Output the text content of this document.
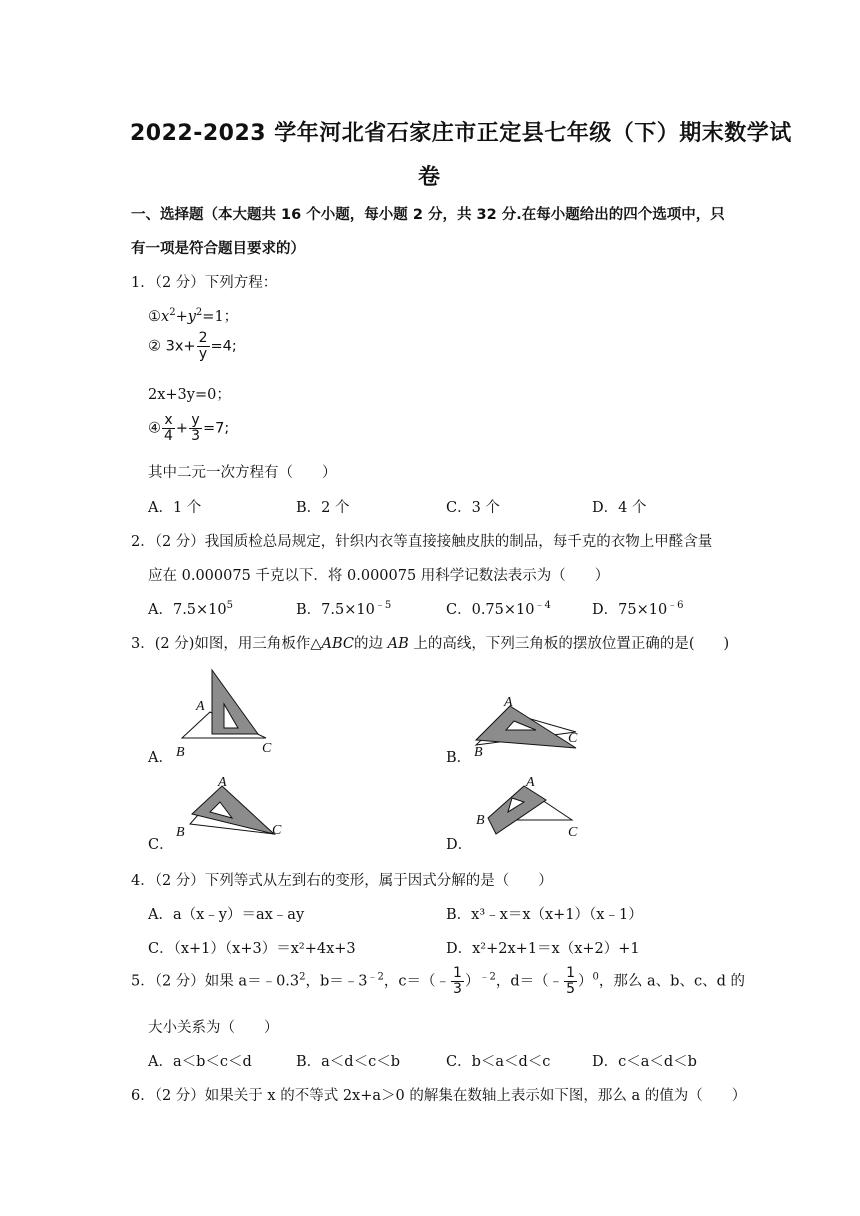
2022-2023 学年河北省石家庄市正定县七年级（下）期末数学试
卷
一、选择题（本大题共 16 个小题，每小题 2 分，共 32 分.在每小题给出的四个选项中，只
有一项是符合题目要求的）
1．（2 分）下列方程：
$①x^2+y^2=1$；
② $3x+ \frac{2}{y} =4$;
2x+3y=0；
④ $\frac{x}{4} + \frac{y}{3} =7$;
其中二元一次方程有（　　）
A．1 个	B．2 个	C．3 个	D．4 个
2．（2 分）我国质检总局规定，针织内衣等直接接触皮肤的制品，每千克的衣物上甲醛含量
应在 0.000075 千克以下．将 0.000075 用科学记数法表示为（　　）
A．$7.5\times 10^5$	B．$7.5\times 10^{﹣5}$	C．$0.75\times 10^{﹣4}$	D．$75\times 10^{﹣6}$
3．(2 分)如图，用三角板作△ABC的边 AB 上的高线，下列三角板的摆放位置正确的是(　　)
A．
A
B	C
B．
A
B
C
C．
A
B	C
D．
A
B
C
4．（2 分）下列等式从左到右的变形，属于因式分解的是（　　）
A．a（x﹣y）＝ax﹣ay	B．x³﹣x＝x（x+1）（x﹣1）
C．（x+1）（x+3）＝x²+4x+3	D．x²+2x+1＝x（x+2）+1
5．（2 分）如果 $a=﹣0.3^2$，$b=﹣3^{﹣2}$，c＝（﹣ $\frac{1}{3} )^{﹣2}$，d＝（﹣ $\frac{1}{5} )^0$，那么 a、b、c、d 的
大小关系为（　　）
A．a＜b＜c＜d	B．a＜d＜c＜b	C．b＜a＜d＜c	D．c＜a＜d＜b
6．（2 分）如果关于 x 的不等式 2x+a＞0 的解集在数轴上表示如下图，那么 a 的值为（　　）
